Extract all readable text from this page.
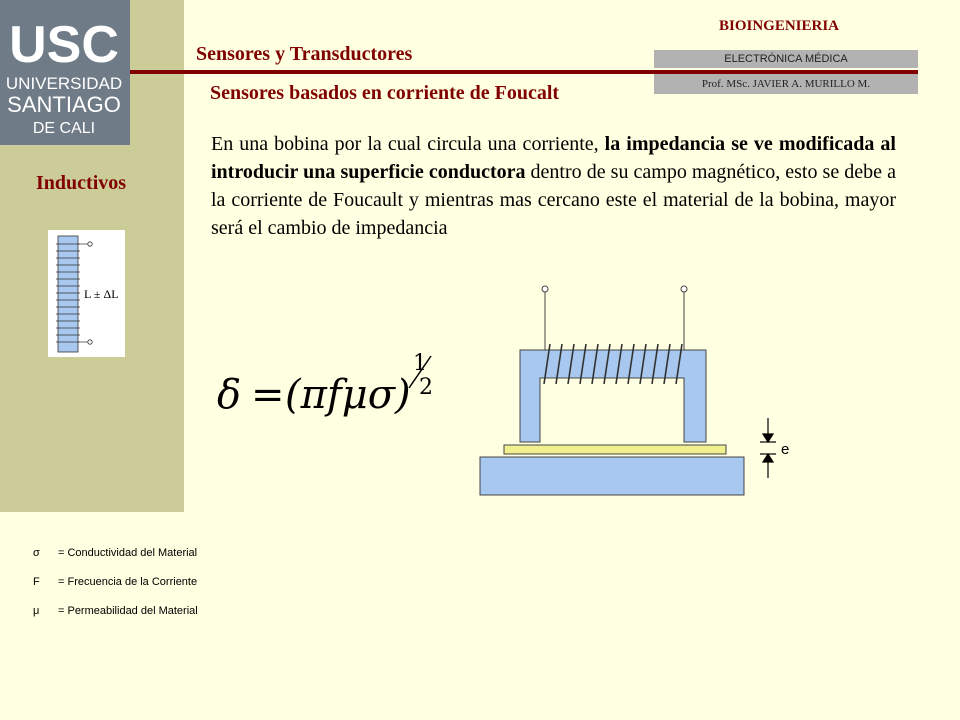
USC
UNIVERSIDAD
SANTIAGO
DE CALI
Sensores y Transductores
Sensores basados en corriente de Foucalt
BIOINGENIERIA
ELECTRÓNICA MÉDICA
Prof. MSc. JAVIER A. MURILLO M.
Inductivos
L ± ΔL
En una bobina por la cual circula una corriente, la impedancia se ve modificada al introducir una superficie conductora dentro de su campo magnético, esto se debe a la corriente de Foucault y mientras mas cercano este el material de la bobina, mayor será el cambio de impedancia
δ = (πfμσ)
1
2
e
σ = Conductividad del Material
F = Frecuencia de la Corriente
μ = Permeabilidad del Material
